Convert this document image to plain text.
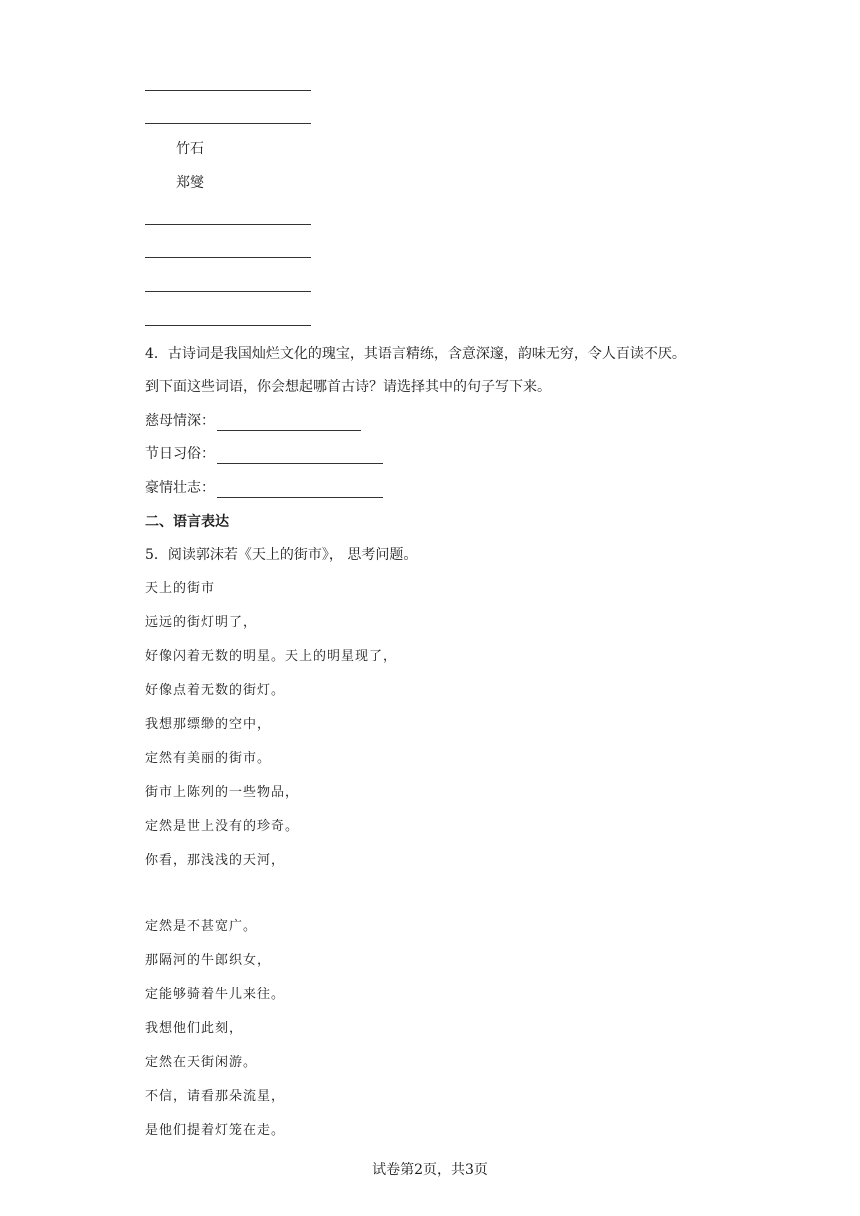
竹石
郑燮
4．古诗词是我国灿烂文化的瑰宝，其语言精练，含意深邃，韵味无穷，令人百读不厌。
到下面这些词语，你会想起哪首古诗？请选择其中的句子写下来。
慈母情深：
节日习俗：
豪情壮志：
二、语言表达
5．阅读郭沫若《天上的街市》， 思考问题。
天上的街市
远远的街灯明了，
好像闪着无数的明星。天上的明星现了，
好像点着无数的街灯。
我想那缥缈的空中，
定然有美丽的街市。
街市上陈列的一些物品，
定然是世上没有的珍奇。
你看，那浅浅的天河，
定然是不甚宽广。
那隔河的牛郎织女，
定能够骑着牛儿来往。
我想他们此刻，
定然在天街闲游。
不信，请看那朵流星，
是他们提着灯笼在走。
试卷第2页，共3页
